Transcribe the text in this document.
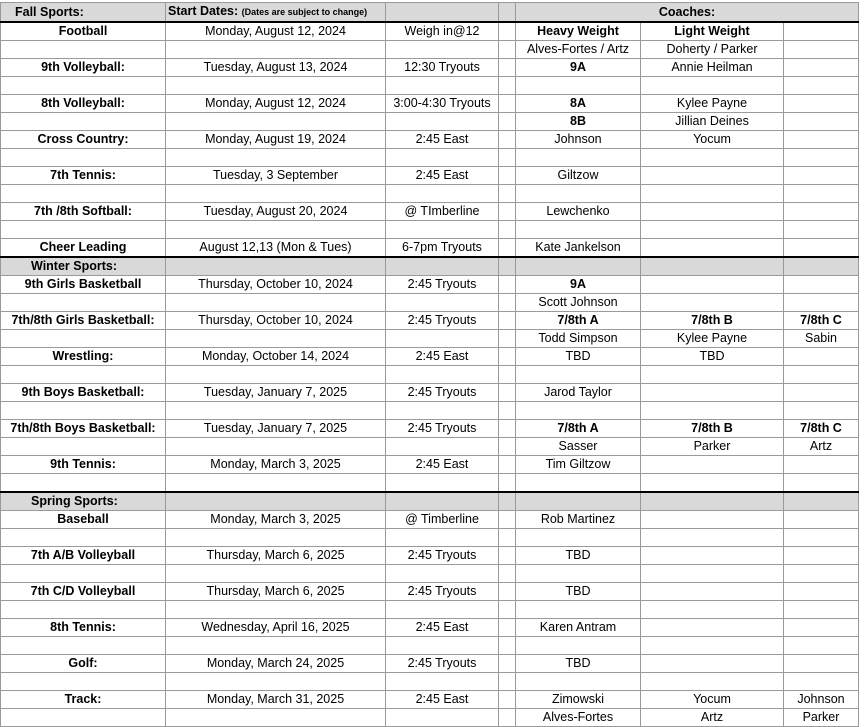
Fall Sports:	Start Dates: (Dates are subject to change)			Coaches:		
Football	Monday, August 12, 2024	Weigh in@12		Heavy Weight	Light Weight	
				Alves-Fortes / Artz	Doherty / Parker	
9th Volleyball:	Tuesday, August 13, 2024	12:30 Tryouts		9A	Annie Heilman	

8th Volleyball:	Monday, August 12, 2024	3:00-4:30 Tryouts		8A	Kylee Payne	
				8B	Jillian Deines	
Cross Country:	Monday, August 19, 2024	2:45 East		Johnson	Yocum	

7th Tennis:	Tuesday, 3 September	2:45 East		Giltzow		

7th /8th Softball:	Tuesday, August 20, 2024	@ TImberline		Lewchenko		

Cheer Leading	August 12,13 (Mon & Tues)	6-7pm Tryouts		Kate Jankelson		
Winter Sports:						
9th Girls Basketball	Thursday, October 10, 2024	2:45 Tryouts		9A		
				Scott Johnson		
7th/8th Girls Basketball:	Thursday, October 10, 2024	2:45 Tryouts		7/8th A	7/8th B	7/8th C
				Todd Simpson	Kylee Payne	Sabin
Wrestling:	Monday, October 14, 2024	2:45 East		TBD	TBD	

9th Boys Basketball:	Tuesday, January 7, 2025	2:45 Tryouts		Jarod Taylor		

7th/8th Boys Basketball:	Tuesday, January 7, 2025	2:45 Tryouts		7/8th A	7/8th B	7/8th C
				Sasser	Parker	Artz
9th Tennis:	Monday, March 3, 2025	2:45 East		Tim Giltzow		

Spring Sports:						
Baseball	Monday, March 3, 2025	@ Timberline		Rob Martinez		

7th A/B Volleyball	Thursday, March 6, 2025	2:45 Tryouts		TBD		

7th C/D Volleyball	Thursday, March 6, 2025	2:45 Tryouts		TBD		

8th Tennis:	Wednesday, April 16, 2025	2:45 East		Karen Antram		

Golf:	Monday, March 24, 2025	2:45 Tryouts		TBD		

Track:	Monday, March 31, 2025	2:45 East		Zimowski	Yocum	Johnson
				Alves-Fortes	Artz	Parker
